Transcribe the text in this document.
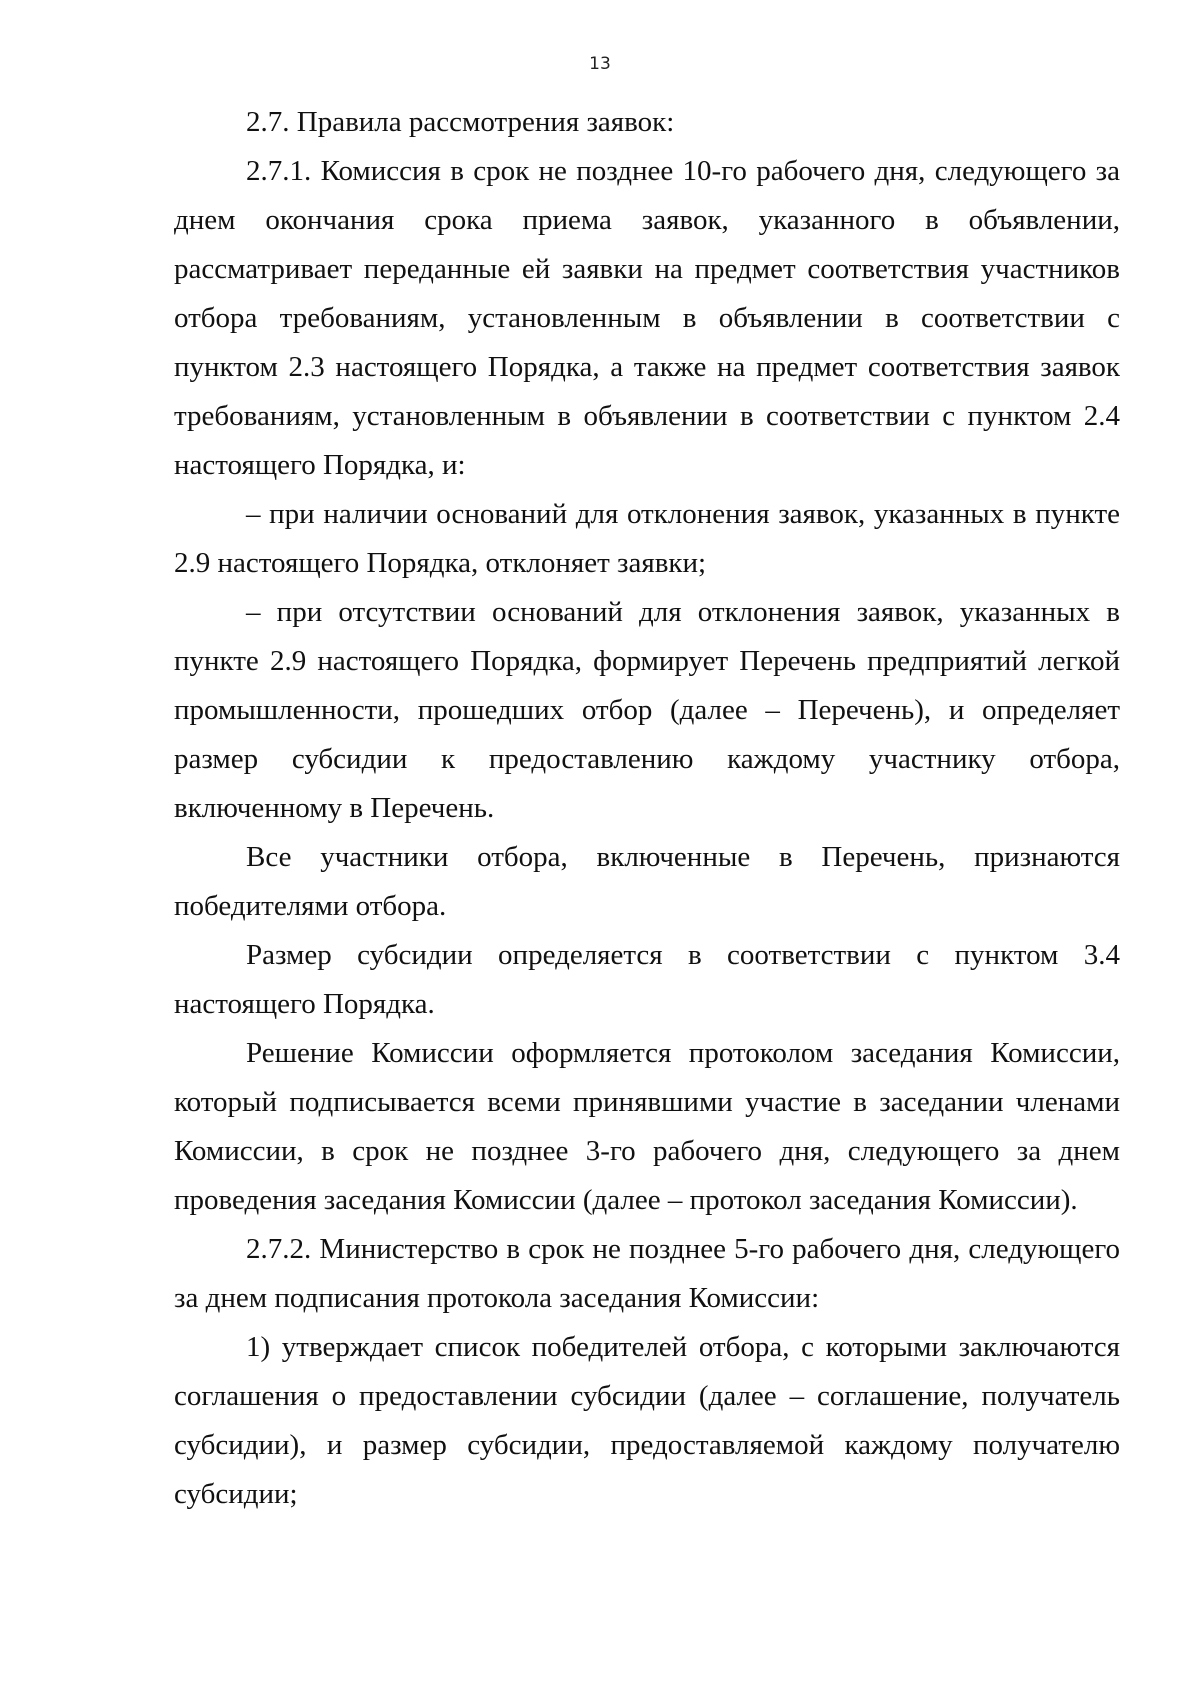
13

2.7. Правила рассмотрения заявок:

2.7.1. Комиссия в срок не позднее 10-го рабочего дня, следующего за днем окончания срока приема заявок, указанного в объявлении, рассматривает переданные ей заявки на предмет соответствия участников отбора требованиям, установленным в объявлении в соответствии с пунктом 2.3 настоящего Порядка, а также на предмет соответствия заявок требованиям, установленным в объявлении в соответствии с пунктом 2.4 настоящего Порядка, и:

– при наличии оснований для отклонения заявок, указанных в пункте 2.9 настоящего Порядка, отклоняет заявки;

– при отсутствии оснований для отклонения заявок, указанных в пункте 2.9 настоящего Порядка, формирует Перечень предприятий легкой промышленности, прошедших отбор (далее – Перечень), и определяет размер субсидии к предоставлению каждому участнику отбора, включенному в Перечень.

Все участники отбора, включенные в Перечень, признаются победителями отбора.

Размер субсидии определяется в соответствии с пунктом 3.4 настоящего Порядка.

Решение Комиссии оформляется протоколом заседания Комиссии, который подписывается всеми принявшими участие в заседании членами Комиссии, в срок не позднее 3-го рабочего дня, следующего за днем проведения заседания Комиссии (далее – протокол заседания Комиссии).

2.7.2. Министерство в срок не позднее 5-го рабочего дня, следующего за днем подписания протокола заседания Комиссии:

1) утверждает список победителей отбора, с которыми заключаются соглашения о предоставлении субсидии (далее – соглашение, получатель субсидии), и размер субсидии, предоставляемой каждому получателю субсидии;
